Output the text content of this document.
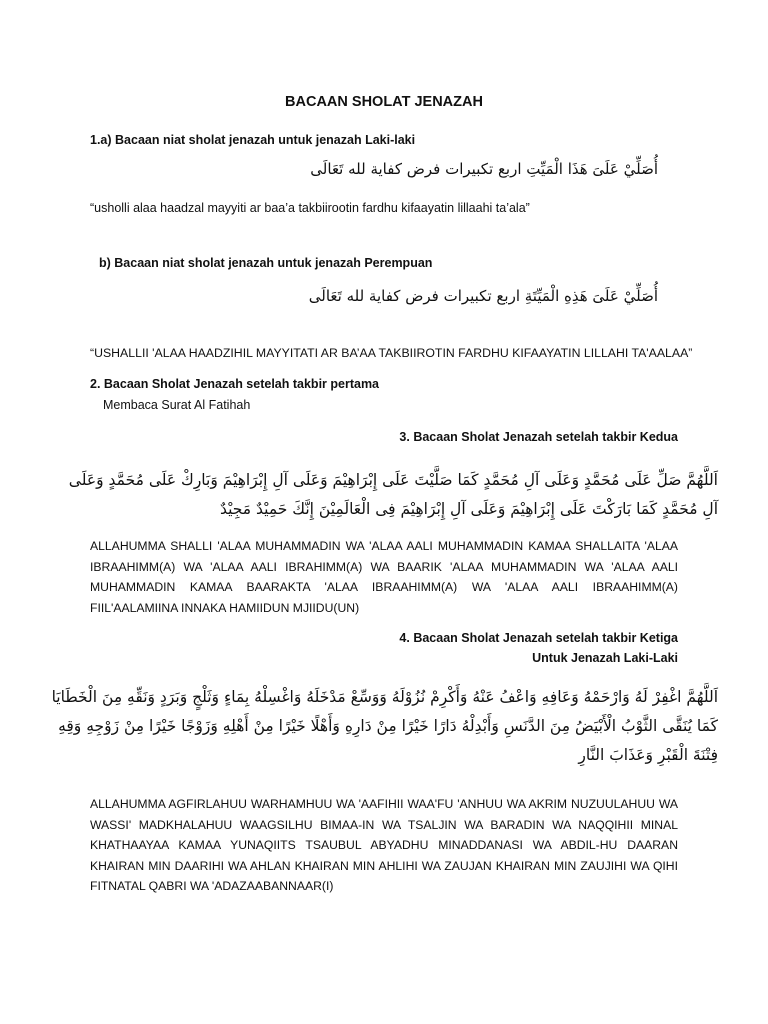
BACAAN SHOLAT JENAZAH
1.a) Bacaan niat sholat jenazah untuk jenazah Laki-laki
أُصَلِّيْ عَلَىَ هَذَا الْمَيِّتِ اربع تكبيرات فرض كفاية لله تَعَالَى
“usholli alaa haadzal mayyiti ar baa’a takbiirootin fardhu kifaayatin lillaahi ta’ala”
b) Bacaan niat sholat jenazah untuk jenazah Perempuan
أُصَلِّيْ عَلَىَ هَذِهِ الْمَيِّتَةِ اربع تكبيرات فرض كفاية لله تَعَالَى
“USHALLII 'ALAA HAADZIHIL MAYYITATI AR BA’AA TAKBIIROTIN FARDHU KIFAAYATIN LILLAHI TA'AALAA”
2. Bacaan Sholat Jenazah setelah takbir pertama
Membaca Surat Al Fatihah
3. Bacaan Sholat Jenazah setelah takbir Kedua
اَللَّهُمَّ صَلِّ عَلَى مُحَمَّدٍ وَعَلَى آلِ مُحَمَّدٍ كَمَا صَلَّيْتَ عَلَى إِبْرَاهِيْمَ وَعَلَى آلِ إِبْرَاهِيْمَ وَبَارِكْ عَلَى مُحَمَّدٍ وَعَلَى آلِ مُحَمَّدٍ كَمَا بَارَكْتَ عَلَى إِبْرَاهِيْمَ وَعَلَى آلِ إِبْرَاهِيْمَ فِى الْعَالَمِيْنَ إِنَّكَ حَمِيْدٌ مَجِيْدٌ
ALLAHUMMA SHALLI 'ALAA MUHAMMADIN WA 'ALAA AALI MUHAMMADIN KAMAA SHALLAITA 'ALAA IBRAAHIMM(A) WA 'ALAA AALI IBRAHIMM(A) WA BAARIK 'ALAA MUHAMMADIN WA 'ALAA AALI MUHAMMADIN KAMAA BAARAKTA 'ALAA IBRAAHIMM(A) WA 'ALAA AALI IBRAAHIMM(A) FIIL'AALAMIINA INNAKA HAMIIDUN MJIIDU(UN)
4. Bacaan Sholat Jenazah setelah takbir Ketiga
Untuk Jenazah Laki-Laki
اَللَّهُمَّ اغْفِرْ لَهُ وَارْحَمْهُ وَعَافِهِ وَاعْفُ عَنْهُ وَأَكْرِمْ نُزُوْلَهُ وَوَسِّعْ مَدْخَلَهُ وَاغْسِلْهُ بِمَاءٍ وَثَلْجٍ وَبَرَدٍ وَنَقِّهِ مِنَ الْخَطَايَا كَمَا يُنَقَّى الثَّوْبُ الْأَبْيَضُ مِنَ الدَّنَسِ وَأَبْدِلْهُ دَارًا خَيْرًا مِنْ دَارِهِ وَأَهْلًا خَيْرًا مِنْ أَهْلِهِ وَزَوْجًا خَيْرًا مِنْ زَوْجِهِ وَقِهِ فِتْنَةَ الْقَبْرِ وَعَذَابَ النَّارِ
ALLAHUMMA AGFIRLAHUU WARHAMHUU WA 'AAFIHII WAA'FU 'ANHUU WA AKRIM NUZUULAHUU WA WASSI' MADKHALAHUU WAAGSILHU BIMAA-IN WA TSALJIN WA BARADIN WA NAQQIHII MINAL KHATHAAYAA KAMAA YUNAQIITS TSAUBUL ABYADHU MINADDANASI WA ABDIL-HU DAARAN KHAIRAN MIN DAARIHI WA AHLAN KHAIRAN MIN AHLIHI WA ZAUJAN KHAIRAN MIN ZAUJIHI WA QIHI FITNATAL QABRI WA 'ADAZAABANNAAR(I)
